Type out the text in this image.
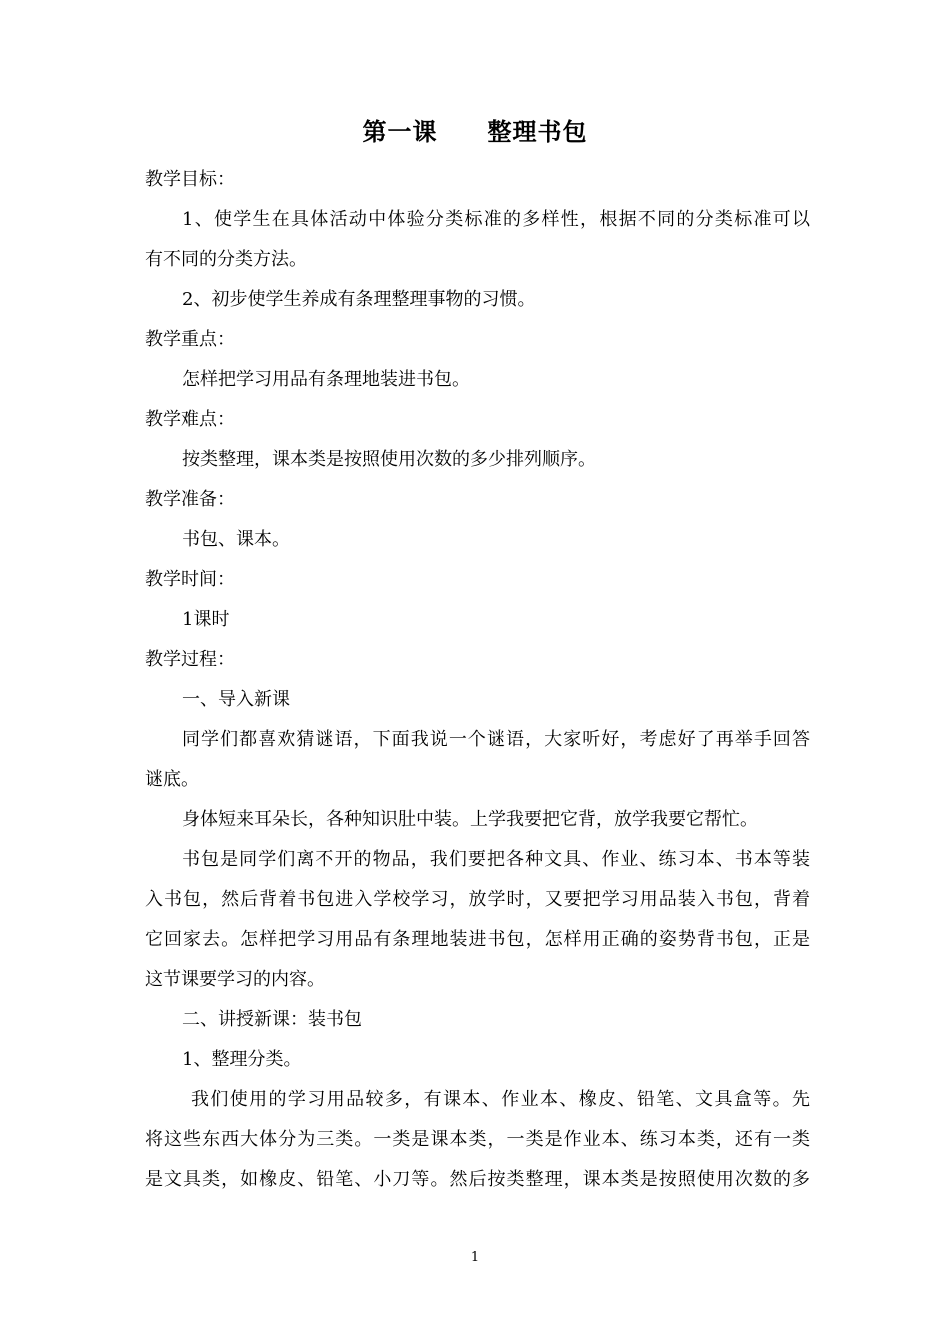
第一课　　整理书包
教学目标：
1、使学生在具体活动中体验分类标准的多样性，根据不同的分类标准可以
有不同的分类方法。
2、初步使学生养成有条理整理事物的习惯。
教学重点：
怎样把学习用品有条理地装进书包。
教学难点：
按类整理，课本类是按照使用次数的多少排列顺序。
教学准备：
书包、课本。
教学时间：
1课时
教学过程：
一、导入新课
同学们都喜欢猜谜语，下面我说一个谜语，大家听好，考虑好了再举手回答
谜底。
身体短来耳朵长，各种知识肚中装。上学我要把它背，放学我要它帮忙。
书包是同学们离不开的物品，我们要把各种文具、作业、练习本、书本等装
入书包，然后背着书包进入学校学习，放学时，又要把学习用品装入书包，背着
它回家去。怎样把学习用品有条理地装进书包，怎样用正确的姿势背书包，正是
这节课要学习的内容。
二、讲授新课：装书包
1、整理分类。
我们使用的学习用品较多，有课本、作业本、橡皮、铅笔、文具盒等。先
将这些东西大体分为三类。一类是课本类，一类是作业本、练习本类，还有一类
是文具类，如橡皮、铅笔、小刀等。然后按类整理，课本类是按照使用次数的多
1
